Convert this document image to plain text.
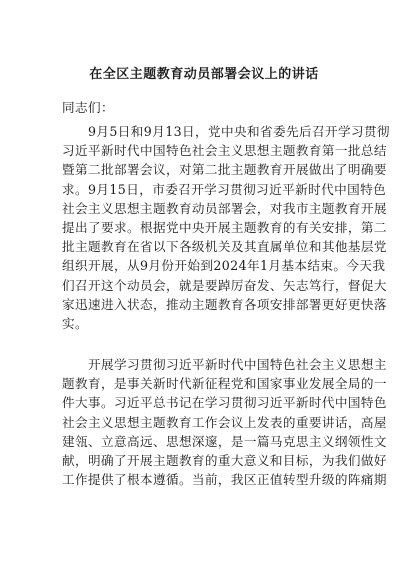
在全区主题教育动员部署会议上的讲话
同志们：
　　9月5日和9月13日，党中央和省委先后召开学习贯彻
习近平新时代中国特色社会主义思想主题教育第一批总结
暨第二批部署会议，对第二批主题教育开展做出了明确要
求。9月15日，市委召开学习贯彻习近平新时代中国特色
社会主义思想主题教育动员部署会，对我市主题教育开展
提出了要求。根据党中央开展主题教育的有关安排，第二
批主题教育在省以下各级机关及其直属单位和其他基层党
组织开展，从9月份开始到2024年1月基本结束。今天我
们召开这个动员会，就是要踔厉奋发、矢志笃行，督促大
家迅速进入状态，推动主题教育各项安排部署更好更快落
实。
　　开展学习贯彻习近平新时代中国特色社会主义思想主
题教育，是事关新时代新征程党和国家事业发展全局的一
件大事。习近平总书记在学习贯彻习近平新时代中国特色
社会主义思想主题教育工作会议上发表的重要讲话，高屋
建瓴、立意高远、思想深邃，是一篇马克思主义纲领性文
献，明确了开展主题教育的重大意义和目标，为我们做好
工作提供了根本遵循。当前，我区正值转型升级的阵痛期
